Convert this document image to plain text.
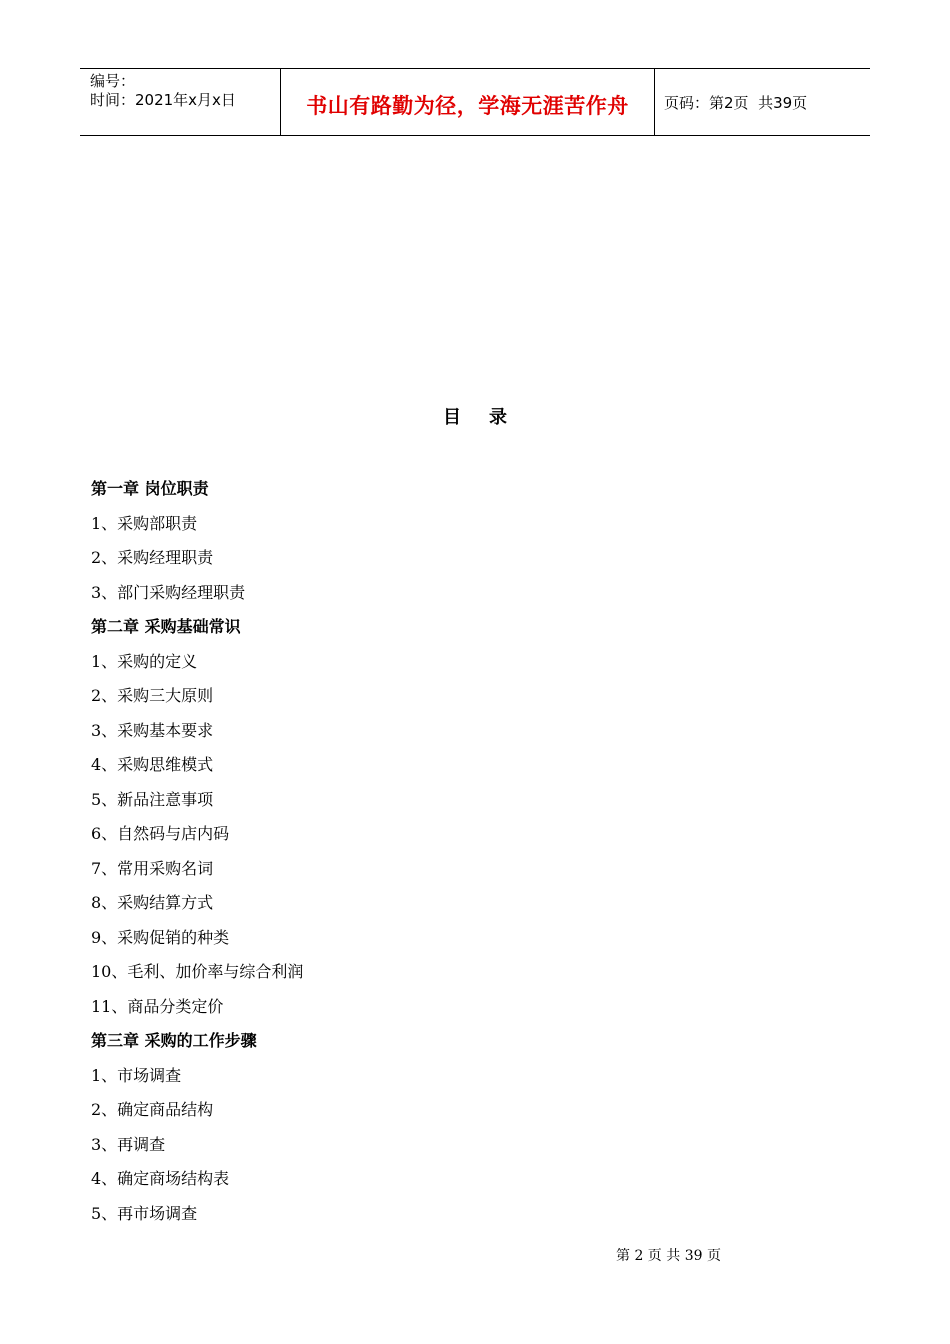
编号：
时间：2021年x月x日	书山有路勤为径，学海无涯苦作舟 页码：第2页  共39页
目 录
第一章 岗位职责
1、采购部职责
2、采购经理职责
3、部门采购经理职责
第二章 采购基础常识
1、采购的定义
2、采购三大原则
3、采购基本要求
4、采购思维模式
5、新品注意事项
6、自然码与店内码
7、常用采购名词
8、采购结算方式
9、采购促销的种类
10、毛利、加价率与综合利润
11、商品分类定价
第三章 采购的工作步骤
1、市场调查
2、确定商品结构
3、再调查
4、确定商场结构表
5、再市场调查
第 2 页 共 39 页
